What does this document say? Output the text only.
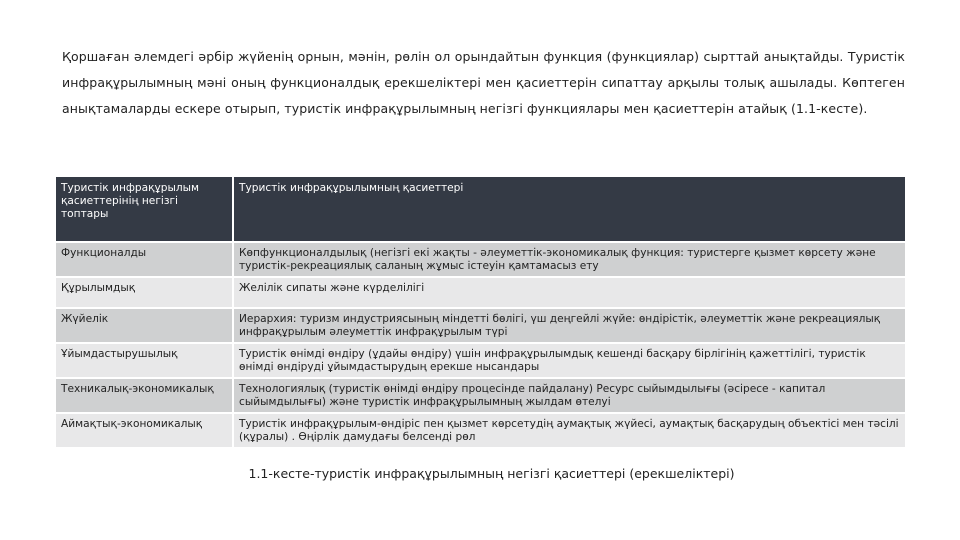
Қоршаған әлемдегі әрбір жүйенің орнын, мәнін, рөлін ол орындайтын функция (функциялар) сырттай анықтайды. Туристік инфрақұрылымның мәні оның функционалдық ерекшеліктері мен қасиеттерін сипаттау арқылы толық ашылады. Көптеген анықтамаларды ескере отырып, туристік инфрақұрылымның негізгі функциялары мен қасиеттерін атайық (1.1-кесте).

Туристік инфрақұрылым қасиеттерінің негізгі топтары	Туристік инфрақұрылымның қасиеттері
Функционалды	Көпфункционалдылық (негізгі екі жақты - әлеуметтік-экономикалық функция: туристерге қызмет көрсету және туристік-рекреациялық саланың жұмыс істеуін қамтамасыз ету
Құрылымдық	Желілік сипаты және күрделілігі
Жүйелік	Иерархия: туризм индустриясының міндетті бөлігі, үш деңгейлі жүйе: өндірістік, әлеуметтік және рекреациялық инфрақұрылым әлеуметтік инфрақұрылым түрі
Ұйымдастырушылық	Туристік өнімді өндіру (ұдайы өндіру) үшін инфрақұрылымдық кешенді басқару бірлігінің қажеттілігі, туристік өнімді өндіруді ұйымдастырудың ерекше нысандары
Техникалық-экономикалық	Технологиялық (туристік өнімді өндіру процесінде пайдалану) Ресурс сыйымдылығы (әсіресе - капитал сыйымдылығы) және туристік инфрақұрылымның жылдам өтелуі
Аймақтық-экономикалық	Туристік инфрақұрылым-өндіріс пен қызмет көрсетудің аумақтық жүйесі, аумақтық басқарудың объектісі мен тәсілі (құралы) . Өңірлік дамудағы белсенді рөл
1.1-кесте-туристік инфрақұрылымның негізгі қасиеттері (ерекшеліктері)
